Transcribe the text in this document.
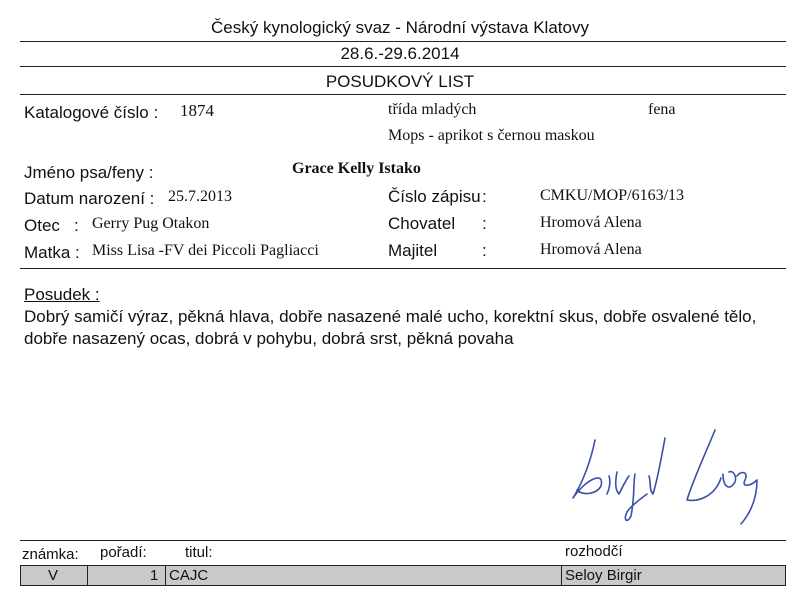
Český kynologický svaz - Národní výstava Klatovy
28.6.-29.6.2014
POSUDKOVÝ LIST
Katalogové číslo : 1874	třída mladých	fena
Mops - aprikot s černou maskou
Jméno psa/feny :	Grace Kelly Istako
Datum narození : 25.7.2013	Číslo zápisu :	CMKU/MOP/6163/13
Otec : Gerry Pug Otakon	Chovatel :	Hromová Alena
Matka : Miss Lisa -FV dei Piccoli Pagliacci	Majitel	:	Hromová Alena
Posudek :
Dobrý samičí výraz, pěkná hlava, dobře nasazené malé ucho, korektní skus, dobře osvalené tělo,
dobře nasazený ocas, dobrá v pohybu, dobrá srst, pěkná povaha
známka: pořadí:	titul:	rozhodčí
V	1 CAJC	Seloy Birgir
